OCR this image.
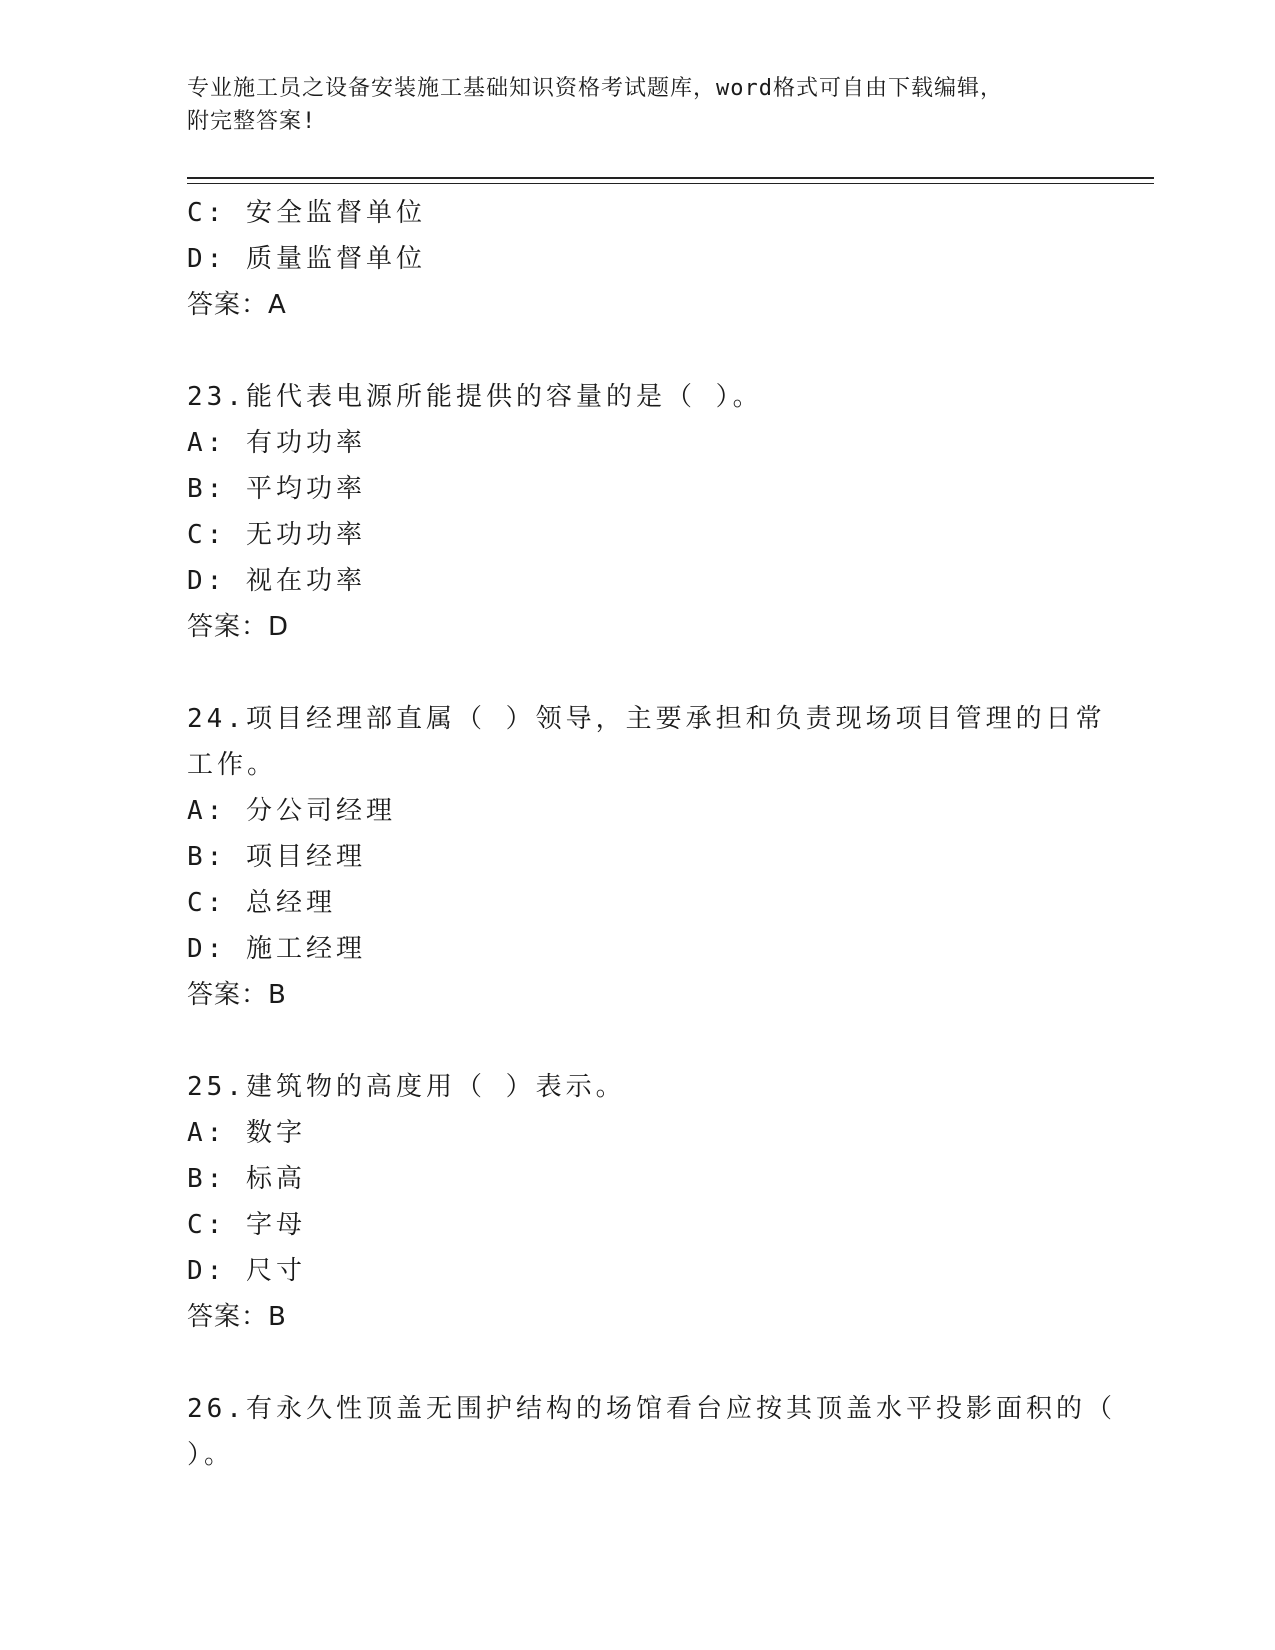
专业施工员之设备安装施工基础知识资格考试题库，word格式可自由下载编辑，
附完整答案!
C: 安全监督单位
D: 质量监督单位
答案：A
23.能代表电源所能提供的容量的是（ ）。
A: 有功功率
B: 平均功率
C: 无功功率
D: 视在功率
答案：D
24.项目经理部直属（ ）领导，主要承担和负责现场项目管理的日常
工作。
A: 分公司经理
B: 项目经理
C: 总经理
D: 施工经理
答案：B
25.建筑物的高度用（ ）表示。
A: 数字
B: 标高
C: 字母
D: 尺寸
答案：B
26.有永久性顶盖无围护结构的场馆看台应按其顶盖水平投影面积的（
）。
